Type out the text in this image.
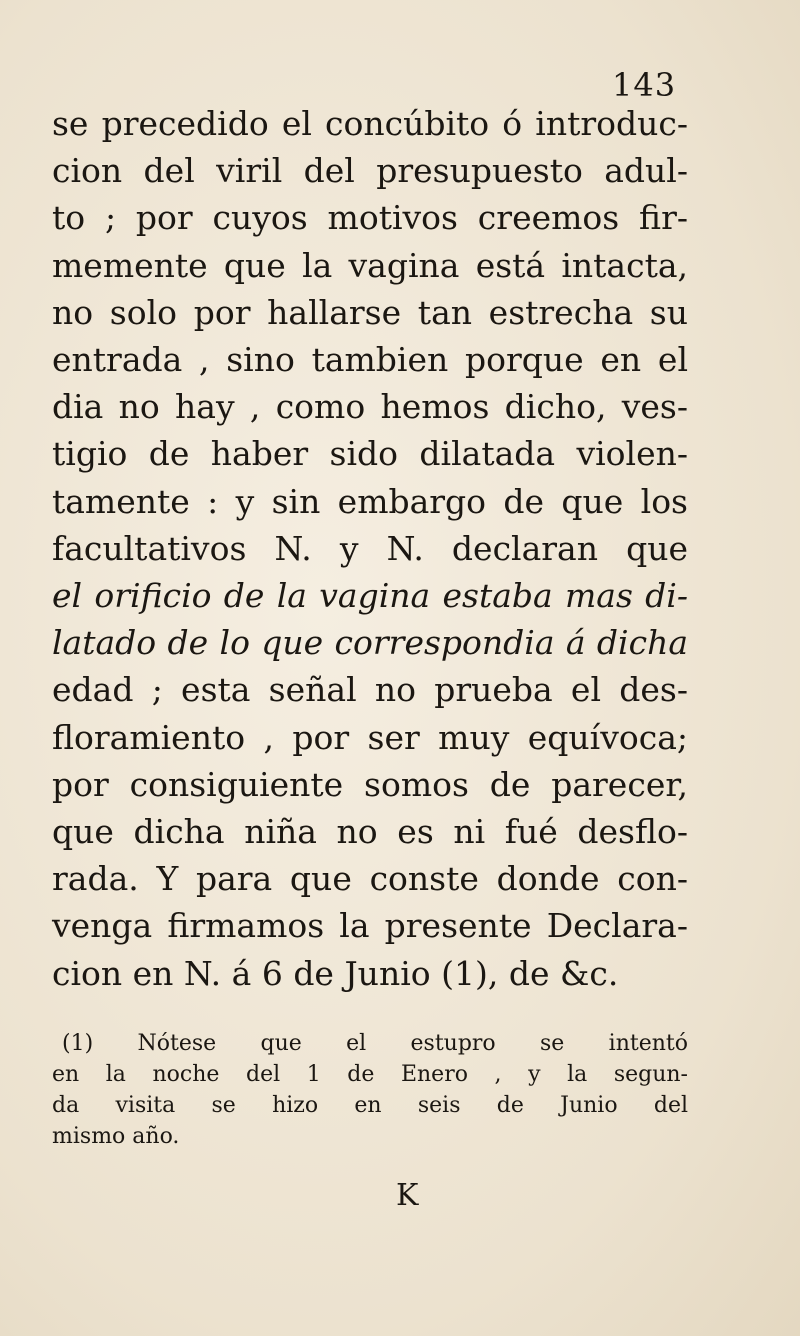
143
se precedido el concúbito ó introduc-
cion del viril del presupuesto adul-
to ; por cuyos motivos creemos fir-
memente que la vagina está intacta,
no solo por hallarse tan estrecha su
entrada , sino tambien porque en el
dia no hay , como hemos dicho, ves-
tigio de haber sido dilatada violen-
tamente : y sin embargo de que los
facultativos N. y N. declaran que
el orificio de la vagina estaba mas di-
latado de lo que correspondia á dicha
edad ; esta señal no prueba el des-
floramiento , por ser muy equívoca;
por consiguiente somos de parecer,
que dicha niña no es ni fué desflo-
rada. Y para que conste donde con-
venga firmamos la presente Declara-
cion en N. á 6 de Junio (1), de &c.
(1) Nótese que el estupro se intentó
en la noche del 1 de Enero , y la segun-
da visita se hizo en seis de Junio del
mismo año.
K
